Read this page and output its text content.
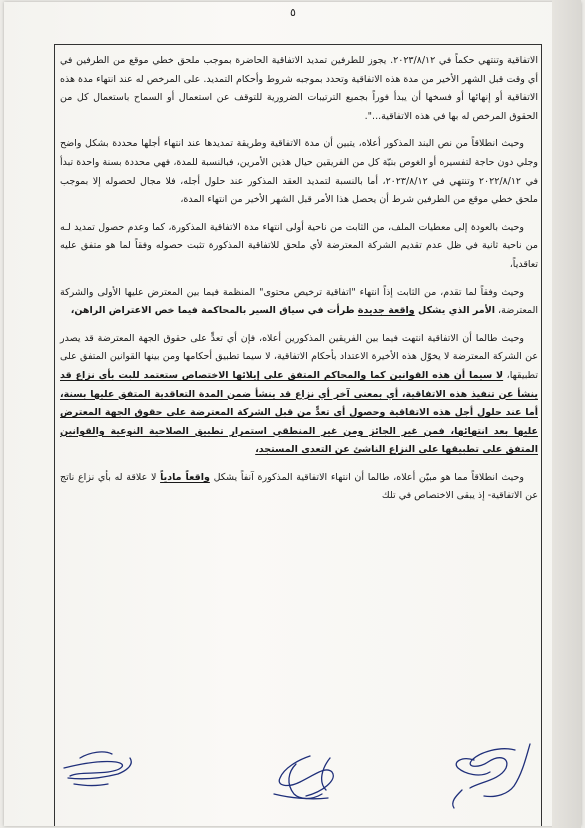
٥

الاتفاقية وتنتهي حكماً في ٢٠٢٣/٨/١٢. يجوز للطرفين تمديد الاتفاقية الحاضرة بموجب ملحق خطي موقع من الطرفين في أي وقت قبل الشهر الأخير من مدة هذه الاتفاقية وتحدد بموجبه شروط وأحكام التمديد. على المرخص له عند انتهاء مدة هذه الاتفاقية أو إنهائها أو فسخها أن يبدأ فوراً بجميع الترتيبات الضرورية للتوقف عن استعمال أو السماح باستعمال كل من الحقوق المرخص له بها في هذه الاتفاقية...".

وحيث انطلاقاً من نص البند المذكور أعلاه، يتبين أن مدة الاتفاقية وطريقة تمديدها عند انتهاء أجلها محددة بشكل واضح وجلي دون حاجة لتفسيره أو الغوص بنيّة كل من الفريقين حيال هذين الأمرين، فبالنسبة للمدة، فهي محددة بسنة واحدة تبدأ في ٢٠٢٢/٨/١٢ وتنتهي في ٢٠٢٣/٨/١٢، أما بالنسبة لتمديد العقد المذكور عند حلول أجله، فلا مجال لحصوله إلا بموجب ملحق خطي موقع من الطرفين شرط أن يحصل هذا الأمر قبل الشهر الأخير من انتهاء المدة،

وحيث بالعودة إلى معطيات الملف، من الثابت من ناحية أولى انتهاء مدة الاتفاقية المذكورة، كما وعدم حصول تمديد لـه من ناحية ثانية في ظل عدم تقديم الشركة المعترضة لأي ملحق للاتفاقية المذكورة تثبت حصوله وفقاً لما هو متفق عليه تعاقدياً،

وحيث وفقاً لما تقدم، من الثابت إذاً انتهاء "اتفاقية ترخيص محتوى" المنظمة فيما بين المعترض عليها الأولى والشركة المعترضة، الأمر الذي يشكل واقعة جديدة طرأت في سياق السير بالمحاكمة فيما خص الاعتراض الراهن،

وحيث طالما أن الاتفاقية انتهت فيما بين الفريقين المذكورين أعلاه، فإن أي تعدٍّ على حقوق الجهة المعترضة قد يصدر عن الشركة المعترضة لا يخوّل هذه الأخيرة الاعتداد بأحكام الاتفاقية، لا سيما تطبيق أحكامها ومن بينها القوانين المتفق على تطبيقها، لا سيما أن هذه القوانين كما والمحاكم المتفق على إيلائها الاختصاص ستعتمد للبت بأي نزاع قد ينشأ عن تنفيذ هذه الاتفاقية، أي بمعنى آخر أي نزاع قد ينشأ ضمن المدة التعاقدية المتفق عليها بسنة، أما عند حلول أجل هذه الاتفاقية وحصول أي تعدٍّ من قبل الشركة المعترضة على حقوق الجهة المعترض عليها بعد انتهائها، فمن غير الجائز ومن غير المنطقي استمرار تطبيق الصلاحية النوعية والقوانين المتفق على تطبيقها على النزاع الناشئ عن التعدي المستجد،

وحيث انطلاقاً مما هو مبيّن أعلاه، طالما أن انتهاء الاتفاقية المذكورة آنفاً يشكل واقعاً مادياً لا علاقة له بأي نزاع ناتج عن الاتفاقية- إذ يبقى الاختصاص في تلك
